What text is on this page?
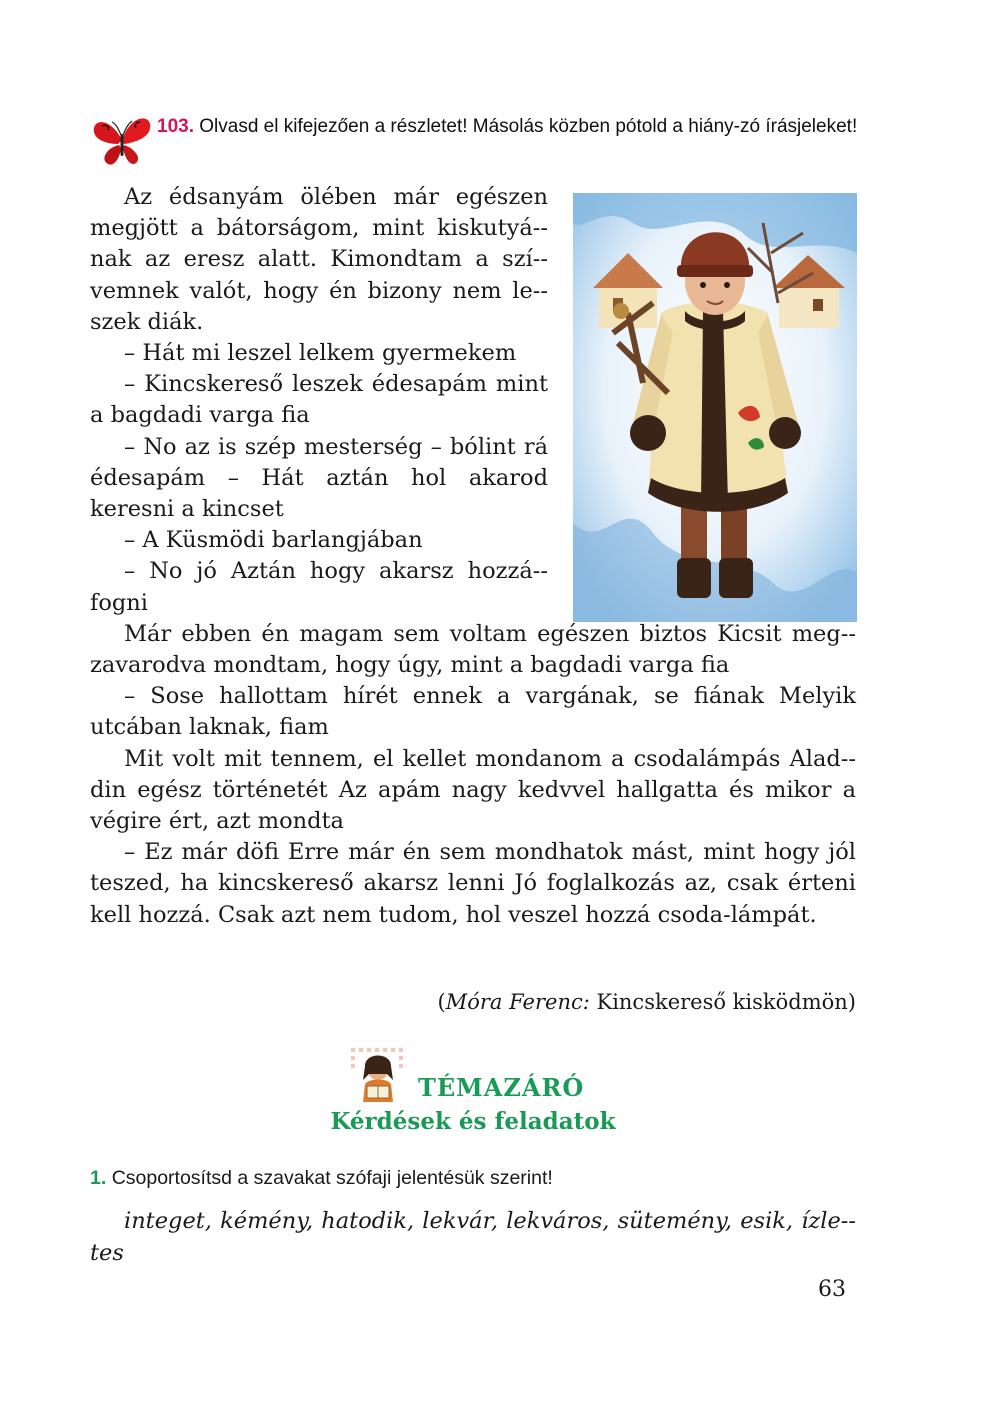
103. Olvasd el kifejezően a részletet! Másolás közben pótold a hiány-zó írásjeleket!

Az édsanyám ölében már egészen megjött a bátorságom, mint kiskutyá-nak az eresz alatt. Kimondtam a szí-vemnek valót, hogy én bizony nem le-szek diák.

– Hát mi leszel lelkem gyermekem

– Kincskereső leszek édesapám mint a bagdadi varga fia

– No az is szép mesterség – bólint rá édesapám – Hát aztán hol akarod keresni a kincset

– A Küsmödi barlangjában

– No jó Aztán hogy akarsz hozzá-fogni

Már ebben én magam sem voltam egészen biztos Kicsit meg-zavarodva mondtam, hogy úgy, mint a bagdadi varga fia

– Sose hallottam hírét ennek a vargának, se fiának Melyik utcában laknak, fiam

Mit volt mit tennem, el kellet mondanom a csodalámpás Alad-din egész történetét Az apám nagy kedvvel hallgatta és mikor a végire ért, azt mondta

– Ez már döfi Erre már én sem mondhatok mást, mint hogy jól teszed, ha kincskereső akarsz lenni Jó foglalkozás az, csak érteni kell hozzá. Csak azt nem tudom, hol veszel hozzá csoda-lámpát.

(Móra Ferenc: Kincskereső kisködmön)
TÉMAZÁRÓ
Kérdések és feladatok
1. Csoportosítsd a szavakat szófaji jelentésük szerint!
integet, kémény, hatodik, lekvár, lekváros, sütemény, esik, ízle-tes
63
